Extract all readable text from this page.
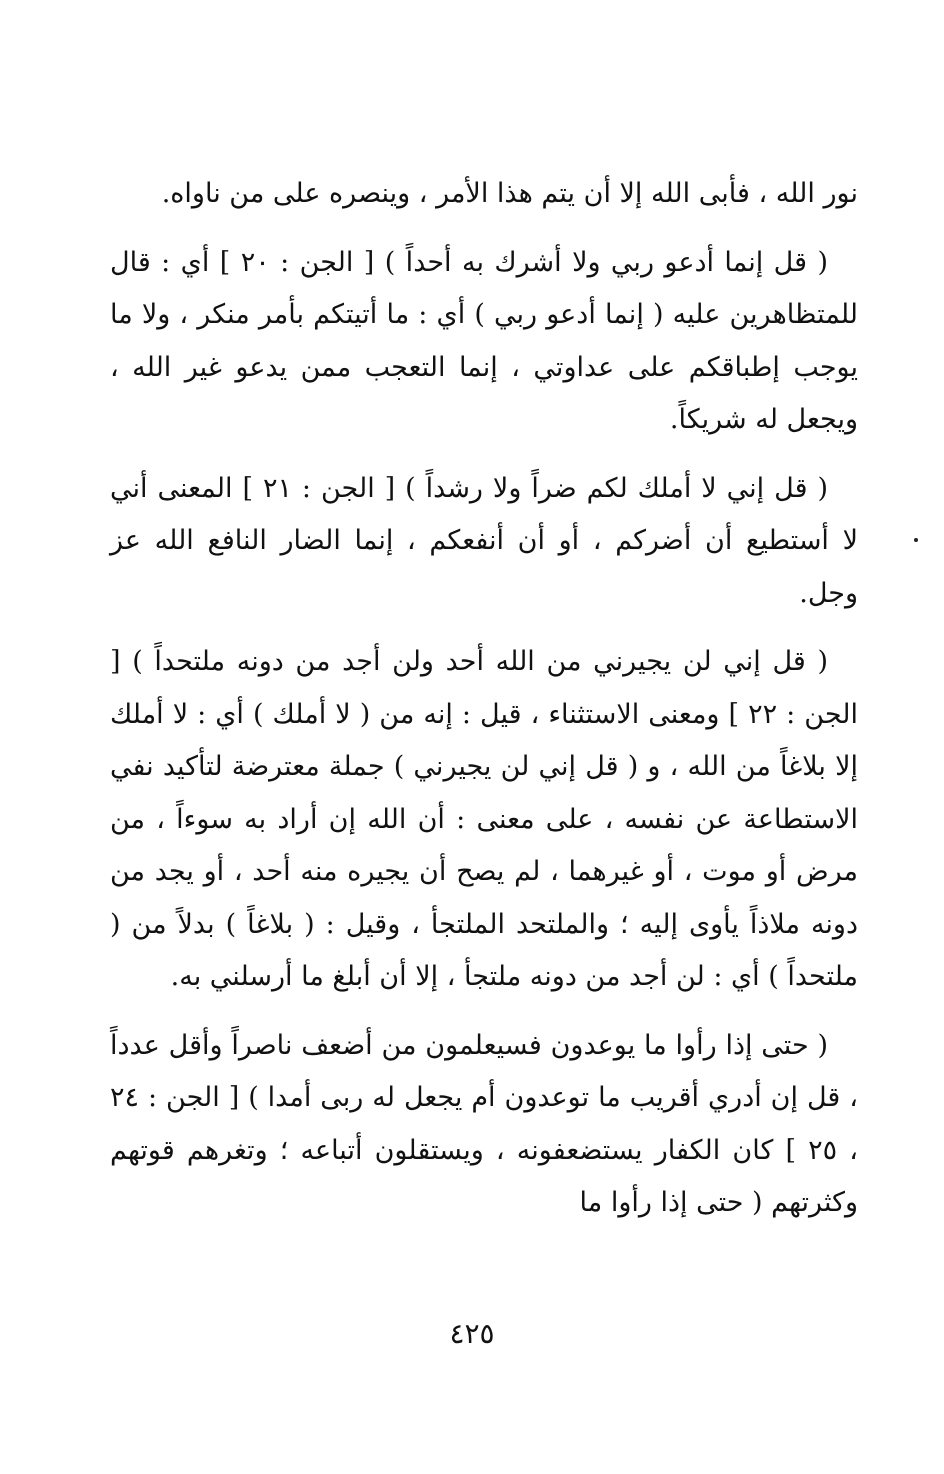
نور الله ، فأبى الله إلا أن يتم هذا الأمر ، وينصره على من ناواه.

( قل إنما أدعو ربي ولا أشرك به أحداً ) [ الجن : ٢٠ ] أي : قال للمتظاهرين عليه ( إنما أدعو ربي ) أي : ما أتيتكم بأمر منكر ، ولا ما يوجب إطباقكم على عداوتي ، إنما التعجب ممن يدعو غير الله ، ويجعل له شريكاً.

( قل إني لا أملك لكم ضراً ولا رشداً ) [ الجن : ٢١ ] المعنى أني لا أستطيع أن أضركم ، أو أن أنفعكم ، إنما الضار النافع الله عز وجل.

( قل إني لن يجيرني من الله أحد ولن أجد من دونه ملتحداً ) [ الجن : ٢٢ ] ومعنى الاستثناء ، قيل : إنه من ( لا أملك ) أي : لا أملك إلا بلاغاً من الله ، و ( قل إني لن يجيرني ) جملة معترضة لتأكيد نفي الاستطاعة عن نفسه ، على معنى : أن الله إن أراد به سوءاً ، من مرض أو موت ، أو غيرهما ، لم يصح أن يجيره منه أحد ، أو يجد من دونه ملاذاً يأوى إليه ؛ والملتحد الملتجأ ، وقيل : ( بلاغاً ) بدلاً من ( ملتحداً ) أي : لن أجد من دونه ملتجأ ، إلا أن أبلغ ما أرسلني به.

( حتى إذا رأوا ما يوعدون فسيعلمون من أضعف ناصراً وأقل عدداً ، قل إن أدري أقريب ما توعدون أم يجعل له ربى أمدا ) [ الجن : ٢٤ ، ٢٥ ] كان الكفار يستضعفونه ، ويستقلون أتباعه ؛ وتغرهم قوتهم وكثرتهم ( حتى إذا رأوا ما

٤٢٥
